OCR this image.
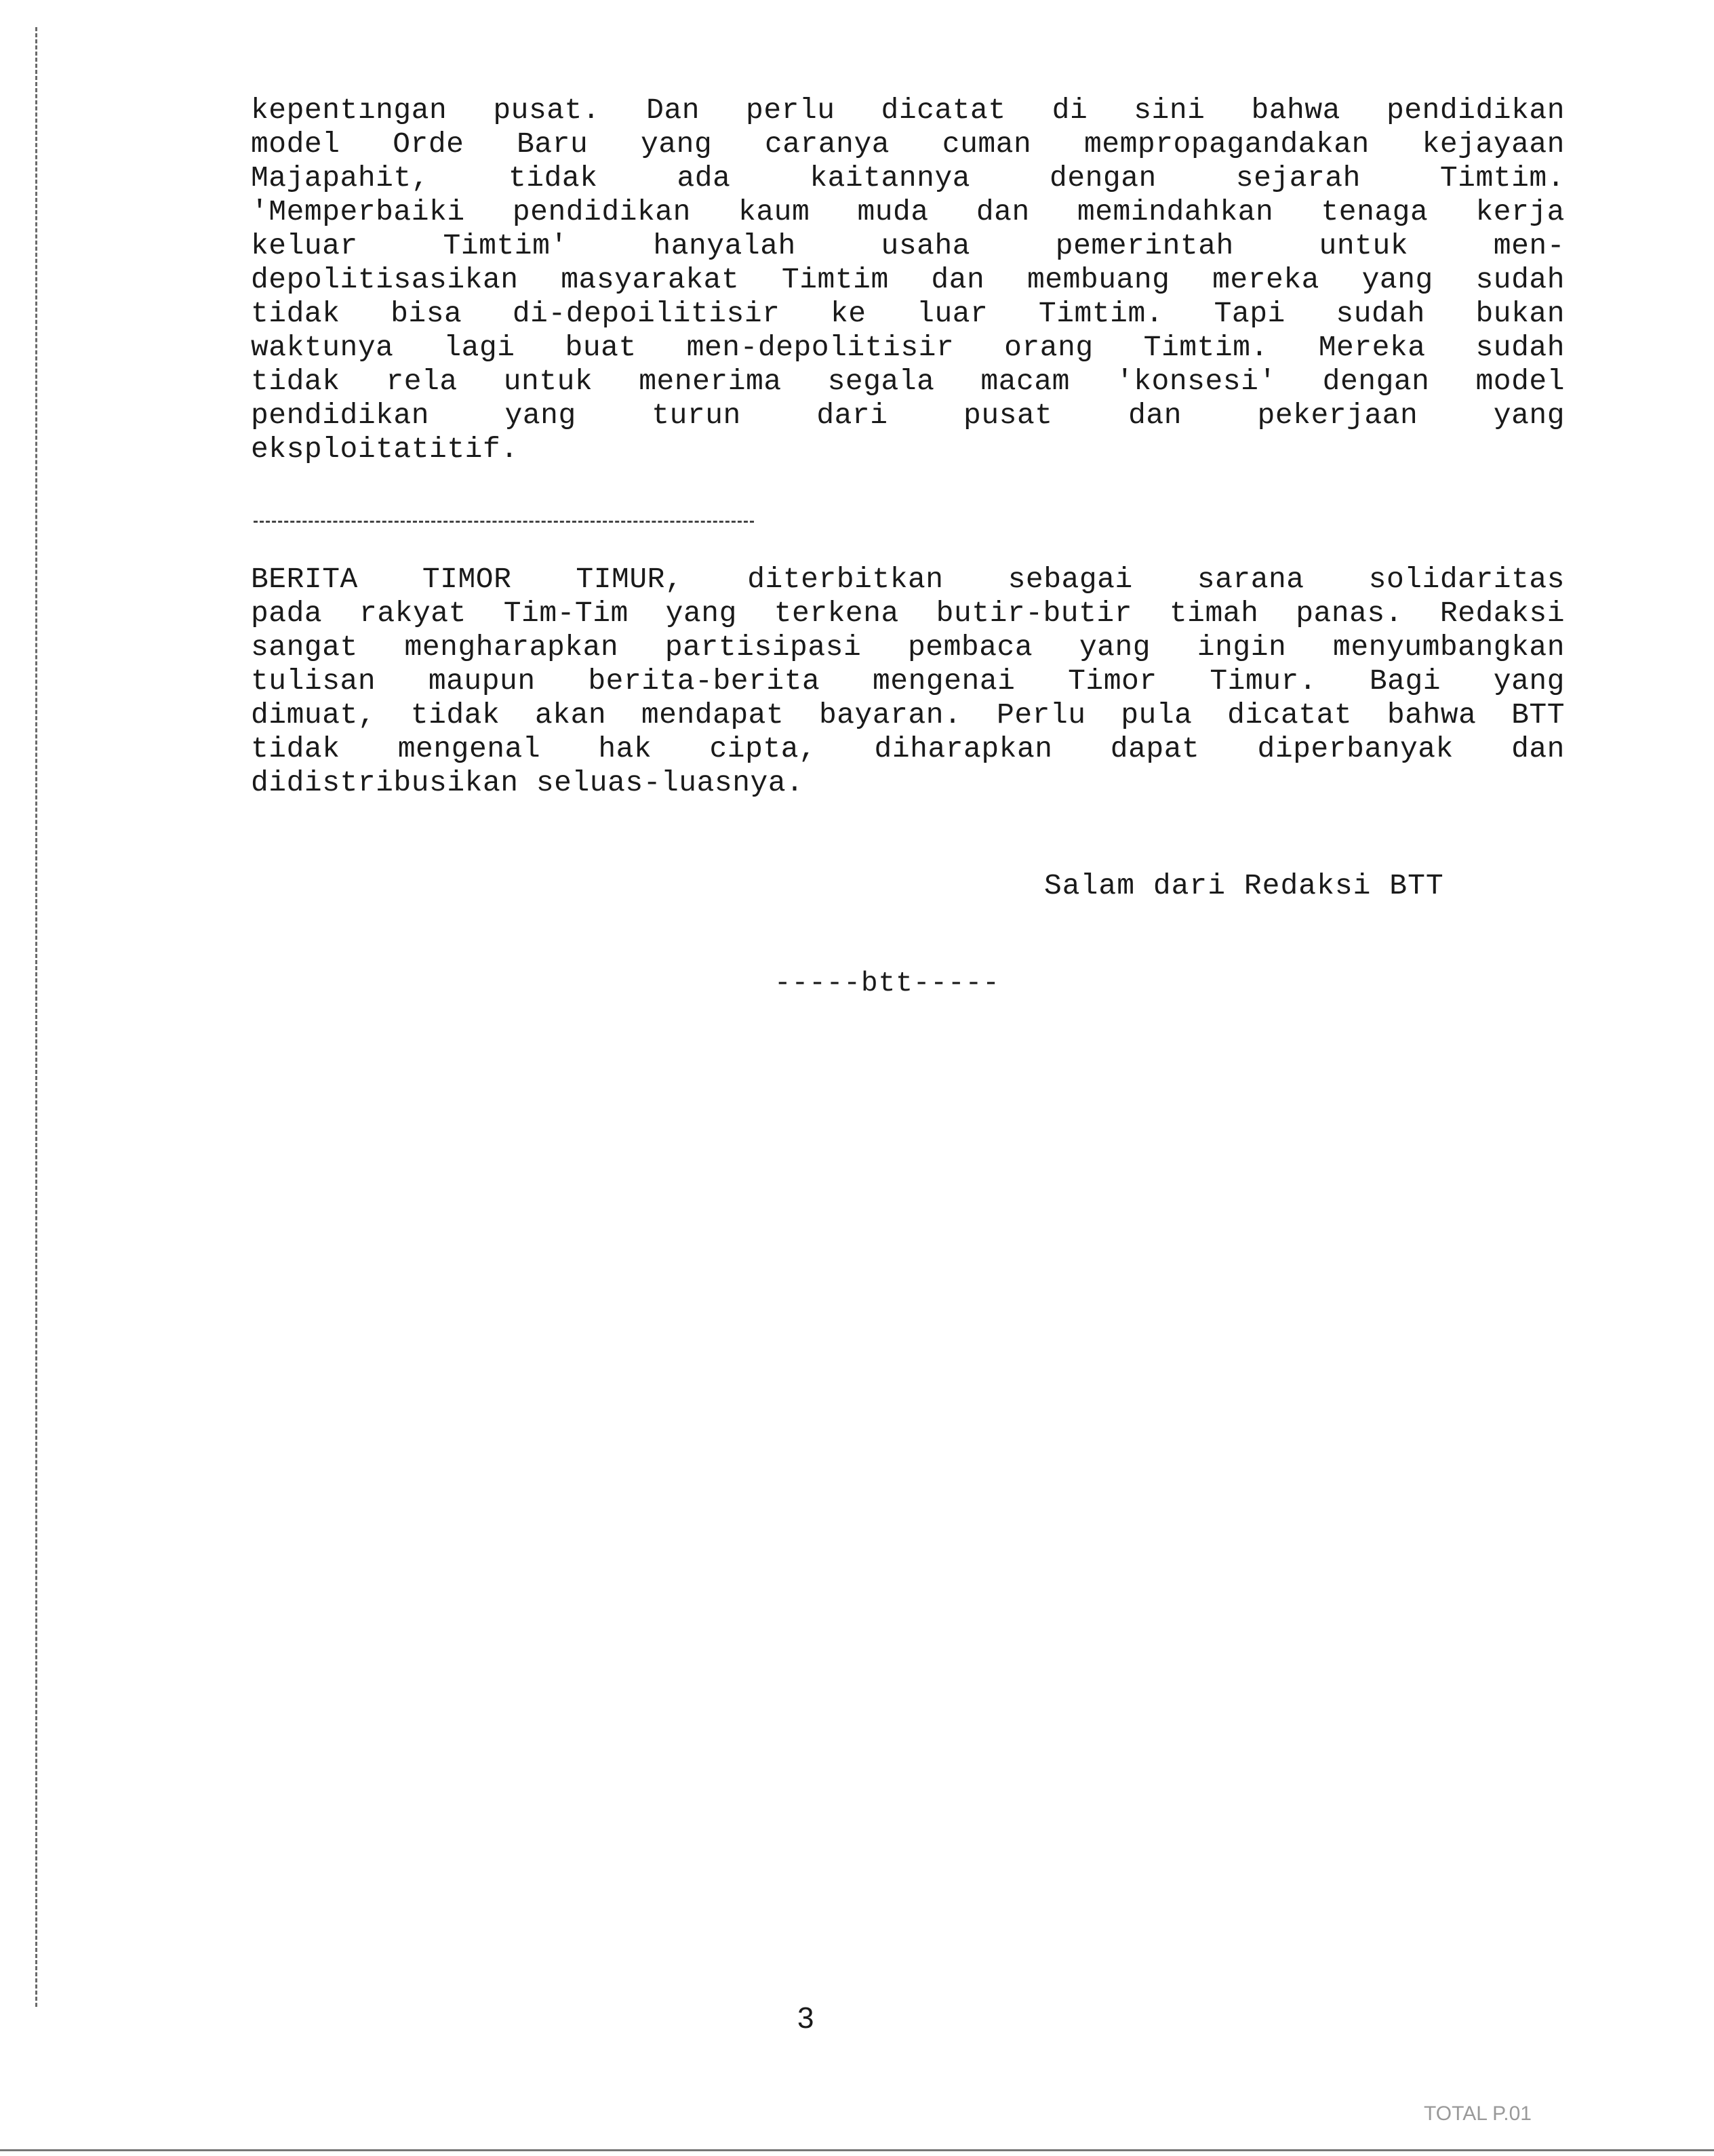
kepentıngan pusat. Dan perlu dicatat di sini bahwa pendidikan
model Orde Baru yang caranya cuman mempropagandakan kejayaan
Majapahit, tidak ada kaitannya dengan sejarah Timtim.
'Memperbaiki pendidikan kaum muda dan memindahkan tenaga kerja
keluar Timtim' hanyalah usaha pemerintah untuk men-
depolitisasikan masyarakat Timtim dan membuang mereka yang sudah
tidak bisa di-depoilitisir ke luar Timtim. Tapi sudah bukan
waktunya lagi buat men-depolitisir orang Timtim. Mereka sudah
tidak rela untuk menerima segala macam 'konsesi' dengan model
pendidikan yang turun dari pusat dan pekerjaan yang
eksploitatitif.
BERITA TIMOR TIMUR, diterbitkan sebagai sarana solidaritas
pada rakyat Tim-Tim yang terkena butir-butir timah panas. Redaksi
sangat mengharapkan partisipasi pembaca yang ingin menyumbangkan
tulisan maupun berita-berita mengenai Timor Timur. Bagi yang
dimuat, tidak akan mendapat bayaran. Perlu pula dicatat bahwa BTT
tidak mengenal hak cipta, diharapkan dapat diperbanyak dan
didistribusikan seluas-luasnya.
Salam dari Redaksi BTT
-----btt-----
3
TOTAL P.01
